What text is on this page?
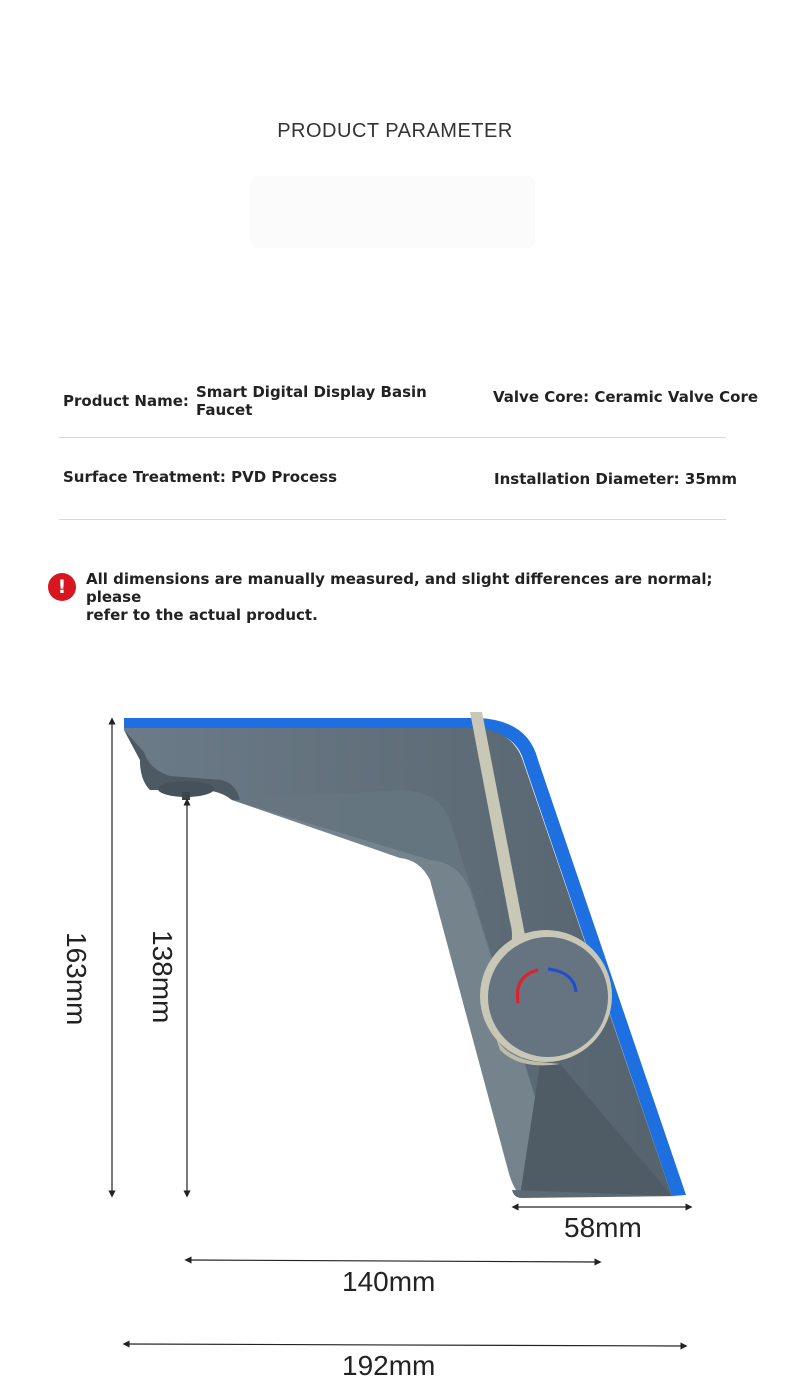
PRODUCT PARAMETER
Product Name: Smart Digital Display Basin
Faucet
Valve Core: Ceramic Valve Core
Surface Treatment: PVD Process	Installation Diameter: 35mm
!	All dimensions are manually measured, and slight differences are normal; please
refer to the actual product.
163mm 138mm
58mm
140mm
192mm
